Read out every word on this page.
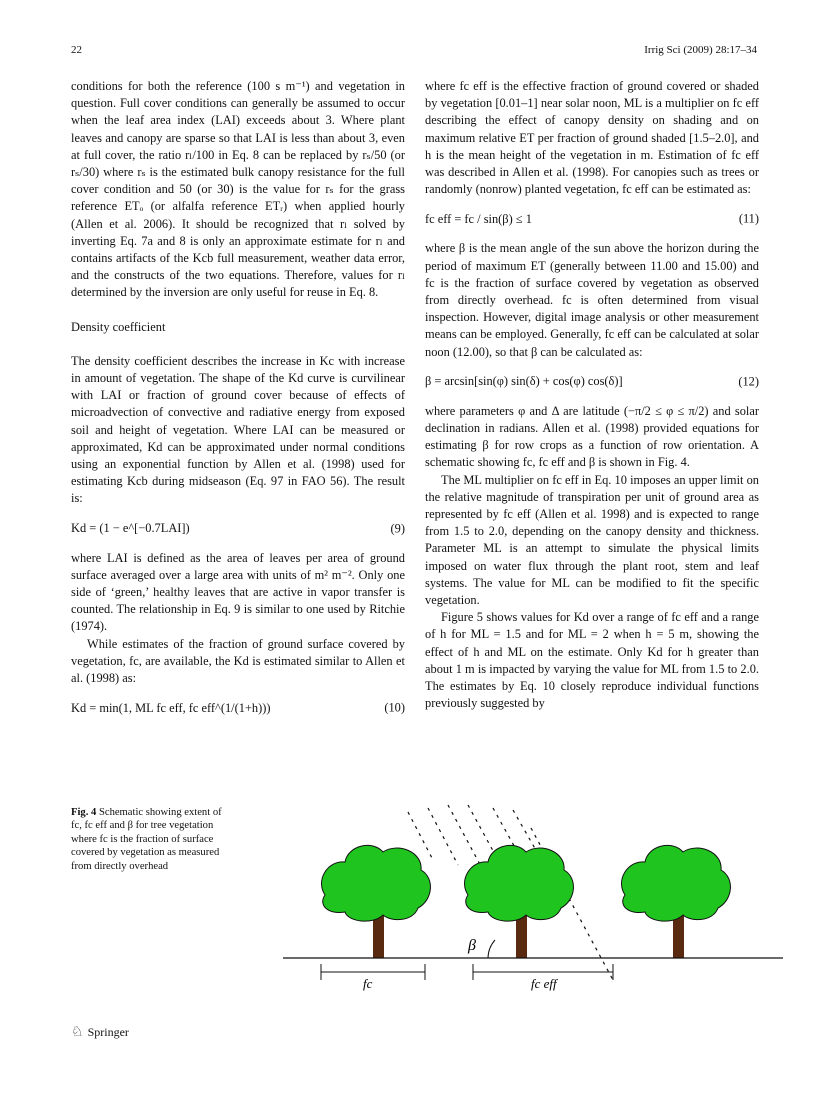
22	Irrig Sci (2009) 28:17–34

conditions for both the reference (100 s m⁻¹) and vegetation in question. Full cover conditions can generally be assumed to occur when the leaf area index (LAI) exceeds about 3. Where plant leaves and canopy are sparse so that LAI is less than about 3, even at full cover, the ratio rₗ/100 in Eq. 8 can be replaced by rₛ/50 (or rₛ/30) where rₛ is the estimated bulk canopy resistance for the full cover condition and 50 (or 30) is the value for rₛ for the grass reference ETₒ (or alfalfa reference ETᵣ) when applied hourly (Allen et al. 2006). It should be recognized that rₗ solved by inverting Eq. 7a and 8 is only an approximate estimate for rₗ and contains artifacts of the Kcb full measurement, weather data error, and the constructs of the two equations. Therefore, values for rₗ determined by the inversion are only useful for reuse in Eq. 8.

Density coefficient

The density coefficient describes the increase in Kc with increase in amount of vegetation. The shape of the Kd curve is curvilinear with LAI or fraction of ground cover because of effects of microadvection of convective and radiative energy from exposed soil and height of vegetation. Where LAI can be measured or approximated, Kd can be approximated under normal conditions using an exponential function by Allen et al. (1998) used for estimating Kcb during midseason (Eq. 97 in FAO 56). The result is:

Kd = (1 − e^[−0.7LAI])	(9)

where LAI is defined as the area of leaves per area of ground surface averaged over a large area with units of m² m⁻². Only one side of ‘green,’ healthy leaves that are active in vapor transfer is counted. The relationship in Eq. 9 is similar to one used by Ritchie (1974).

While estimates of the fraction of ground surface covered by vegetation, fc, are available, the Kd is estimated similar to Allen et al. (1998) as:

Kd = min(1, ML fc eff, fc eff^(1/(1+h)))	(10)

where fc eff is the effective fraction of ground covered or shaded by vegetation [0.01–1] near solar noon, ML is a multiplier on fc eff describing the effect of canopy density on shading and on maximum relative ET per fraction of ground shaded [1.5–2.0], and h is the mean height of the vegetation in m. Estimation of fc eff was described in Allen et al. (1998). For canopies such as trees or randomly (nonrow) planted vegetation, fc eff can be estimated as:

fc eff = fc / sin(β) ≤ 1	(11)

where β is the mean angle of the sun above the horizon during the period of maximum ET (generally between 11.00 and 15.00) and fc is the fraction of surface covered by vegetation as observed from directly overhead. fc is often determined from visual inspection. However, digital image analysis or other measurement means can be employed. Generally, fc eff can be calculated at solar noon (12.00), so that β can be calculated as:

β = arcsin[sin(φ) sin(δ) + cos(φ) cos(δ)]	(12)

where parameters φ and Δ are latitude (−π/2 ≤ φ ≤ π/2) and solar declination in radians. Allen et al. (1998) provided equations for estimating β for row crops as a function of row orientation. A schematic showing fc, fc eff and β is shown in Fig. 4.

The ML multiplier on fc eff in Eq. 10 imposes an upper limit on the relative magnitude of transpiration per unit of ground area as represented by fc eff (Allen et al. 1998) and is expected to range from 1.5 to 2.0, depending on the canopy density and thickness. Parameter ML is an attempt to simulate the physical limits imposed on water flux through the plant root, stem and leaf systems. The value for ML can be modified to fit the specific vegetation.

Figure 5 shows values for Kd over a range of fc eff and a range of h for ML = 1.5 and for ML = 2 when h = 5 m, showing the effect of h and ML on the estimate. Only Kd for h greater than about 1 m is impacted by varying the value for ML from 1.5 to 2.0. The estimates by Eq. 10 closely reproduce individual functions previously suggested by

Fig. 4 Schematic showing extent of fc, fc eff and β for tree vegetation where fc is the fraction of surface covered by vegetation as measured from directly overhead
β
fc	fc eff
♘ Springer
